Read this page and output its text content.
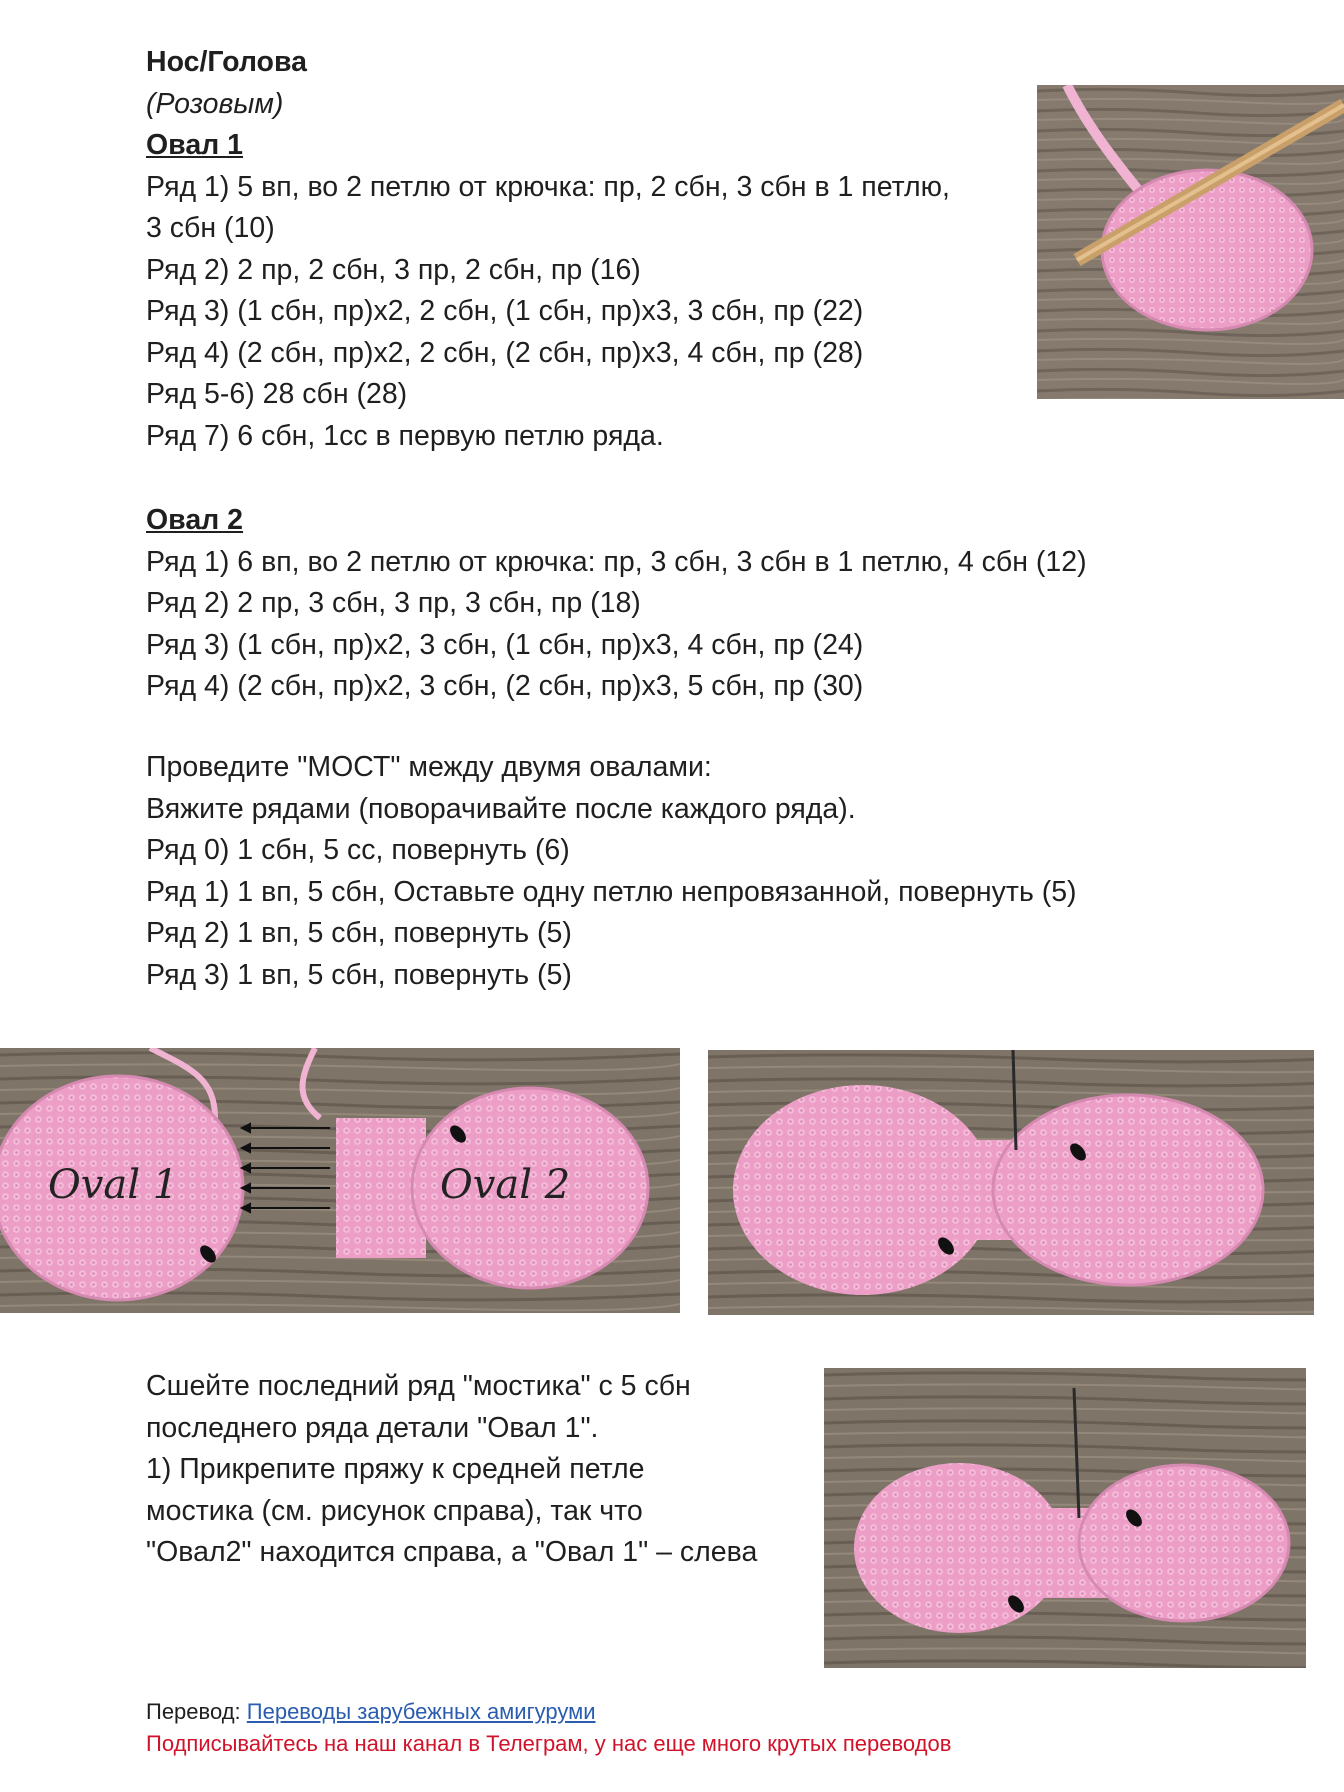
Нос/Голова
(Розовым)
Овал 1
Ряд 1) 5 вп, во 2 петлю от крючка: пр, 2 сбн, 3 сбн в 1 петлю,
3 сбн (10)
Ряд 2) 2 пр, 2 сбн, 3 пр, 2 сбн, пр (16)
Ряд 3) (1 сбн, пр)х2, 2 сбн, (1 сбн, пр)х3, 3 сбн, пр (22)
Ряд 4) (2 сбн, пр)х2, 2 сбн, (2 сбн, пр)х3, 4 сбн, пр (28)
Ряд 5-6) 28 сбн (28)
Ряд 7) 6 сбн, 1сс в первую петлю ряда.
Овал 2
Ряд 1) 6 вп, во 2 петлю от крючка: пр, 3 сбн, 3 сбн в 1 петлю, 4 сбн (12)
Ряд 2) 2 пр, 3 сбн, 3 пр, 3 сбн, пр (18)
Ряд 3) (1 сбн, пр)х2, 3 сбн, (1 сбн, пр)х3, 4 сбн, пр (24)
Ряд 4) (2 сбн, пр)х2, 3 сбн, (2 сбн, пр)х3, 5 сбн, пр (30)
Проведите "МОСТ" между двумя овалами:
Вяжите рядами (поворачивайте после каждого ряда).
Ряд 0) 1 сбн, 5 сс, повернуть (6)
Ряд 1) 1 вп, 5 сбн, Оставьте одну петлю непровязанной, повернуть (5)
Ряд 2) 1 вп, 5 сбн, повернуть (5)
Ряд 3) 1 вп, 5 сбн, повернуть (5)
Oval 1	Oval 2
Сшейте последний ряд "мостика" с 5 сбн
последнего ряда детали "Овал 1".
1) Прикрепите пряжу к средней петле
мостика (см. рисунок справа), так что
"Овал2" находится справа, а "Овал 1" – слева
Перевод: Переводы зарубежных амигуруми
Подписывайтесь на наш канал в Телеграм, у нас еще много крутых переводов
